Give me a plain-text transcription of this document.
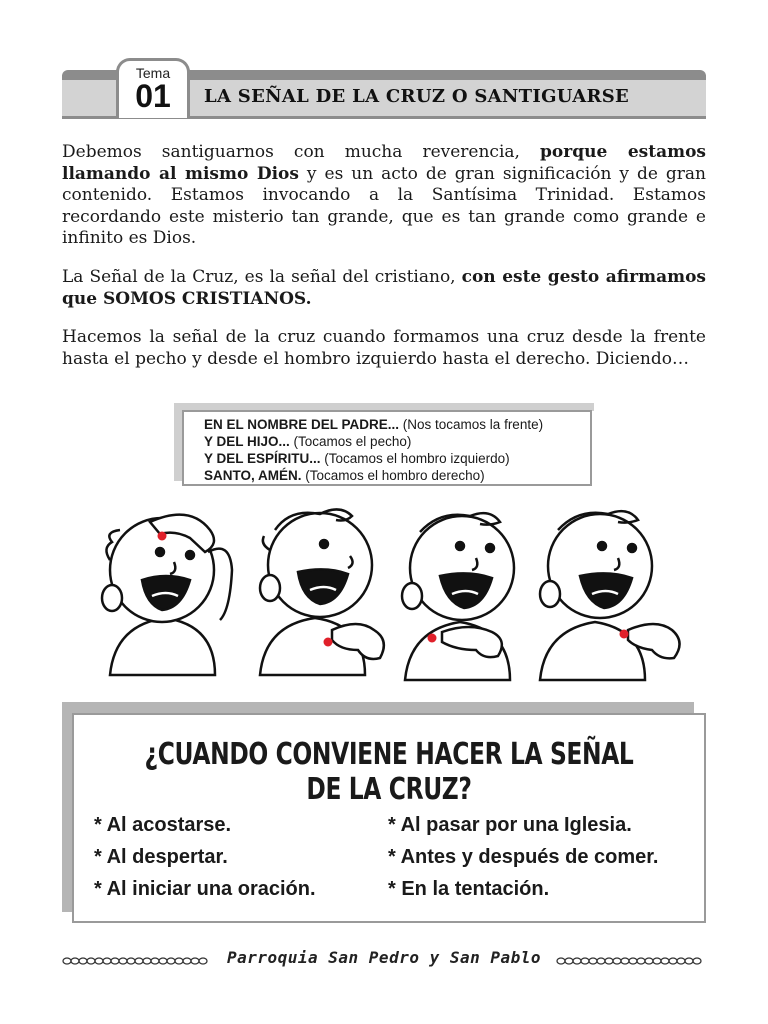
Tema
01	LA SEÑAL DE LA CRUZ O SANTIGUARSE

Debemos santiguarnos con mucha reverencia, porque estamos llamando al mismo Dios y es un acto de gran significación y de gran contenido. Estamos invocando a la Santísima Trinidad. Estamos recordando este misterio tan grande, que es tan grande como grande e infinito es Dios.

La Señal de la Cruz, es la señal del cristiano, con este gesto afirmamos que SOMOS CRISTIANOS.

Hacemos la señal de la cruz cuando formamos una cruz desde la frente hasta el pecho y desde el hombro izquierdo hasta el derecho. Diciendo…

EN EL NOMBRE DEL PADRE... (Nos tocamos la frente)
Y DEL HIJO... (Tocamos el pecho)
Y DEL ESPÍRITU... (Tocamos el hombro izquierdo)
SANTO, AMÉN. (Tocamos el hombro derecho)
¿CUANDO CONVIENE HACER LA SEÑAL DE LA CRUZ?
* Al acostarse.
* Al despertar.
* Al iniciar una oración.
* Al pasar por una Iglesia.
* Antes y después de comer.
* En la tentación.
Parroquia San Pedro y San Pablo
